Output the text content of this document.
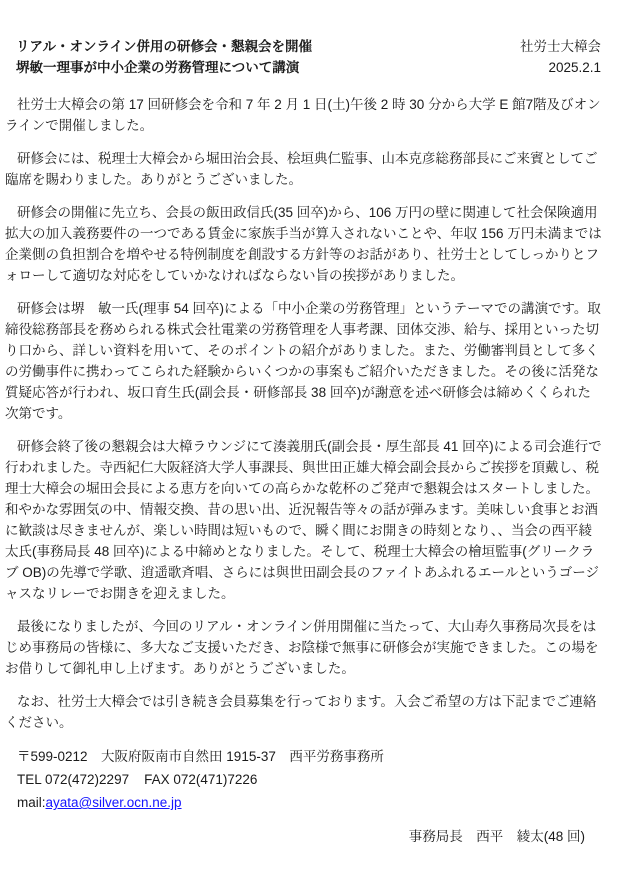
リアル・オンライン併用の研修会・懇親会を開催
堺敏一理事が中小企業の労務管理について講演
社労士大樟会
2025.2.1

社労士大樟会の第 17 回研修会を令和 7 年 2 月 1 日(土)午後 2 時 30 分から大学 E 館7階及びオンラインで開催しました。

研修会には、税理士大樟会から堀田治会長、桧垣典仁監事、山本克彦総務部長にご来賓としてご臨席を賜わりました。ありがとうございました。

研修会の開催に先立ち、会長の飯田政信氏(35 回卒)から、106 万円の壁に関連して社会保険適用拡大の加入義務要件の一つである賃金に家族手当が算入されないことや、年収 156 万円未満までは企業側の負担割合を増やせる特例制度を創設する方針等のお話があり、社労士としてしっかりとフォローして適切な対応をしていかなければならない旨の挨拶がありました。

研修会は堺　敏一氏(理事 54 回卒)による「中小企業の労務管理」というテーマでの講演です。取締役総務部長を務められる株式会社電業の労務管理を人事考課、団体交渉、給与、採用といった切り口から、詳しい資料を用いて、そのポイントの紹介がありました。また、労働審判員として多くの労働事件に携わってこられた経験からいくつかの事案もご紹介いただきました。その後に活発な質疑応答が行われ、坂口育生氏(副会長・研修部長 38 回卒)が謝意を述べ研修会は締めくくられた次第です。

研修会終了後の懇親会は大樟ラウンジにて湊義朋氏(副会長・厚生部長 41 回卒)による司会進行で行われました。寺西紀仁大阪経済大学人事課長、與世田正雄大樟会副会長からご挨拶を頂戴し、税理士大樟会の堀田会長による恵方を向いての高らかな乾杯のご発声で懇親会はスタートしました。和やかな雰囲気の中、情報交換、昔の思い出、近況報告等々の話が弾みます。美味しい食事とお酒に歓談は尽きませんが、楽しい時間は短いもので、瞬く間にお開きの時刻となり、、当会の西平綾太氏(事務局長 48 回卒)による中締めとなりました。そして、税理士大樟会の檜垣監事(グリークラブ OB)の先導で学歌、逍遥歌斉唱、さらには與世田副会長のファイトあふれるエールというゴージャスなリレーでお開きを迎えました。

最後になりましたが、今回のリアル・オンライン併用開催に当たって、大山寿久事務局次長をはじめ事務局の皆様に、多大なご支援いただき、お陰様で無事に研修会が実施できました。この場をお借りして御礼申し上げます。ありがとうございました。

なお、社労士大樟会では引き続き会員募集を行っております。入会ご希望の方は下記までご連絡ください。

〒599-0212　大阪府阪南市自然田 1915-37　西平労務事務所
TEL 072(472)2297 FAX 072(471)7226
mail:ayata@silver.ocn.ne.jp
事務局長　西平　綾太(48 回)
